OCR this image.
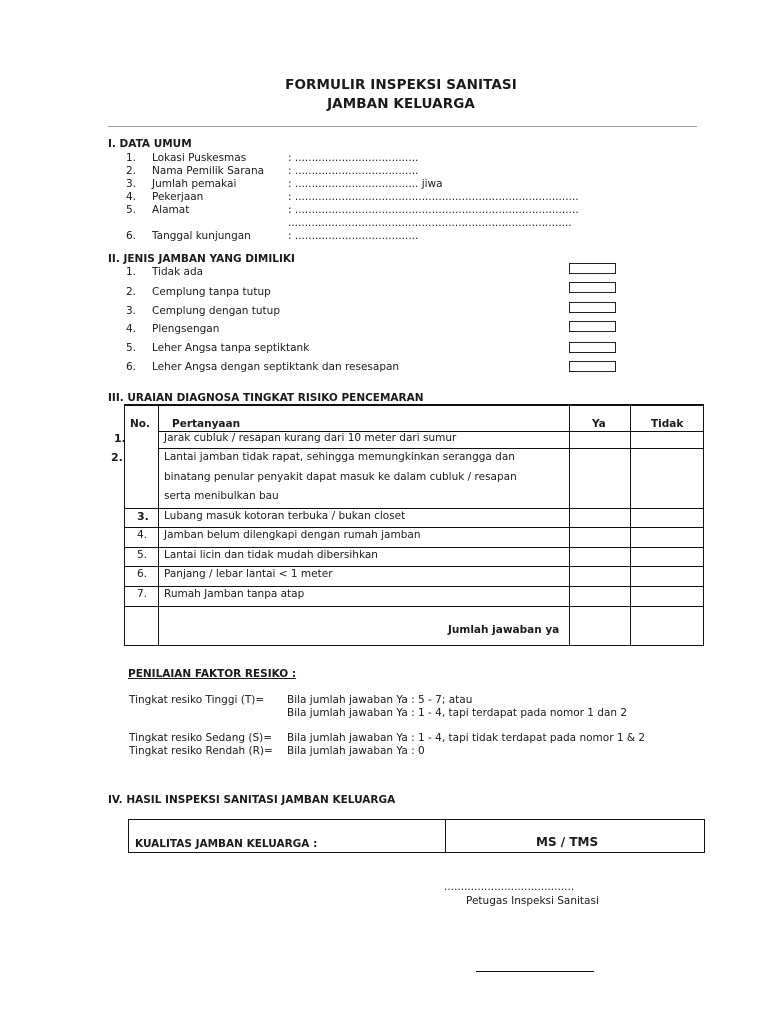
FORMULIR INSPEKSI SANITASI
JAMBAN KELUARGA
I. DATA UMUM
1. Lokasi Puskesmas	: .....................................
2. Nama Pemilik Sarana : .....................................
3. Jumlah pemakai	: ..................................... jiwa
4. Pekerjaan	: .....................................................................................
5. Alamat	: .....................................................................................
.....................................................................................
6. Tanggal kunjungan	: .....................................
II. JENIS JAMBAN YANG DIMILIKI
1. Tidak ada
2. Cemplung tanpa tutup
3. Cemplung dengan tutup
4. Plengsengan
5. Leher Angsa tanpa septiktank
6. Leher Angsa dengan septiktank dan resesapan
III. URAIAN DIAGNOSA TINGKAT RISIKO PENCEMARAN
No. Pertanyaan	Ya	Tidak
1.	Jarak cubluk / resapan kurang dari 10 meter dari sumur
2.	Lantai jamban tidak rapat, sehingga memungkinkan serangga dan
binatang penular penyakit dapat masuk ke dalam cubluk / resapan
serta menibulkan bau
3. Lubang masuk kotoran terbuka / bukan closet
4. Jamban belum dilengkapi dengan rumah jamban
5. Lantai licin dan tidak mudah dibersihkan
6. Panjang / lebar lantai < 1 meter
7. Rumah Jamban tanpa atap
Jumlah jawaban ya
PENILAIAN FAKTOR RESIKO :
Tingkat resiko Tinggi (T)= Bila jumlah jawaban Ya : 5 - 7; atau
Bila jumlah jawaban Ya : 1 - 4, tapi terdapat pada nomor 1 dan 2
Tingkat resiko Sedang (S)= Bila jumlah jawaban Ya : 1 - 4, tapi tidak terdapat pada nomor 1 & 2
Tingkat resiko Rendah (R)= Bila jumlah jawaban Ya : 0
IV. HASIL INSPEKSI SANITASI JAMBAN KELUARGA
KUALITAS JAMBAN KELUARGA :	MS / TMS
.......................................
Petugas Inspeksi Sanitasi
